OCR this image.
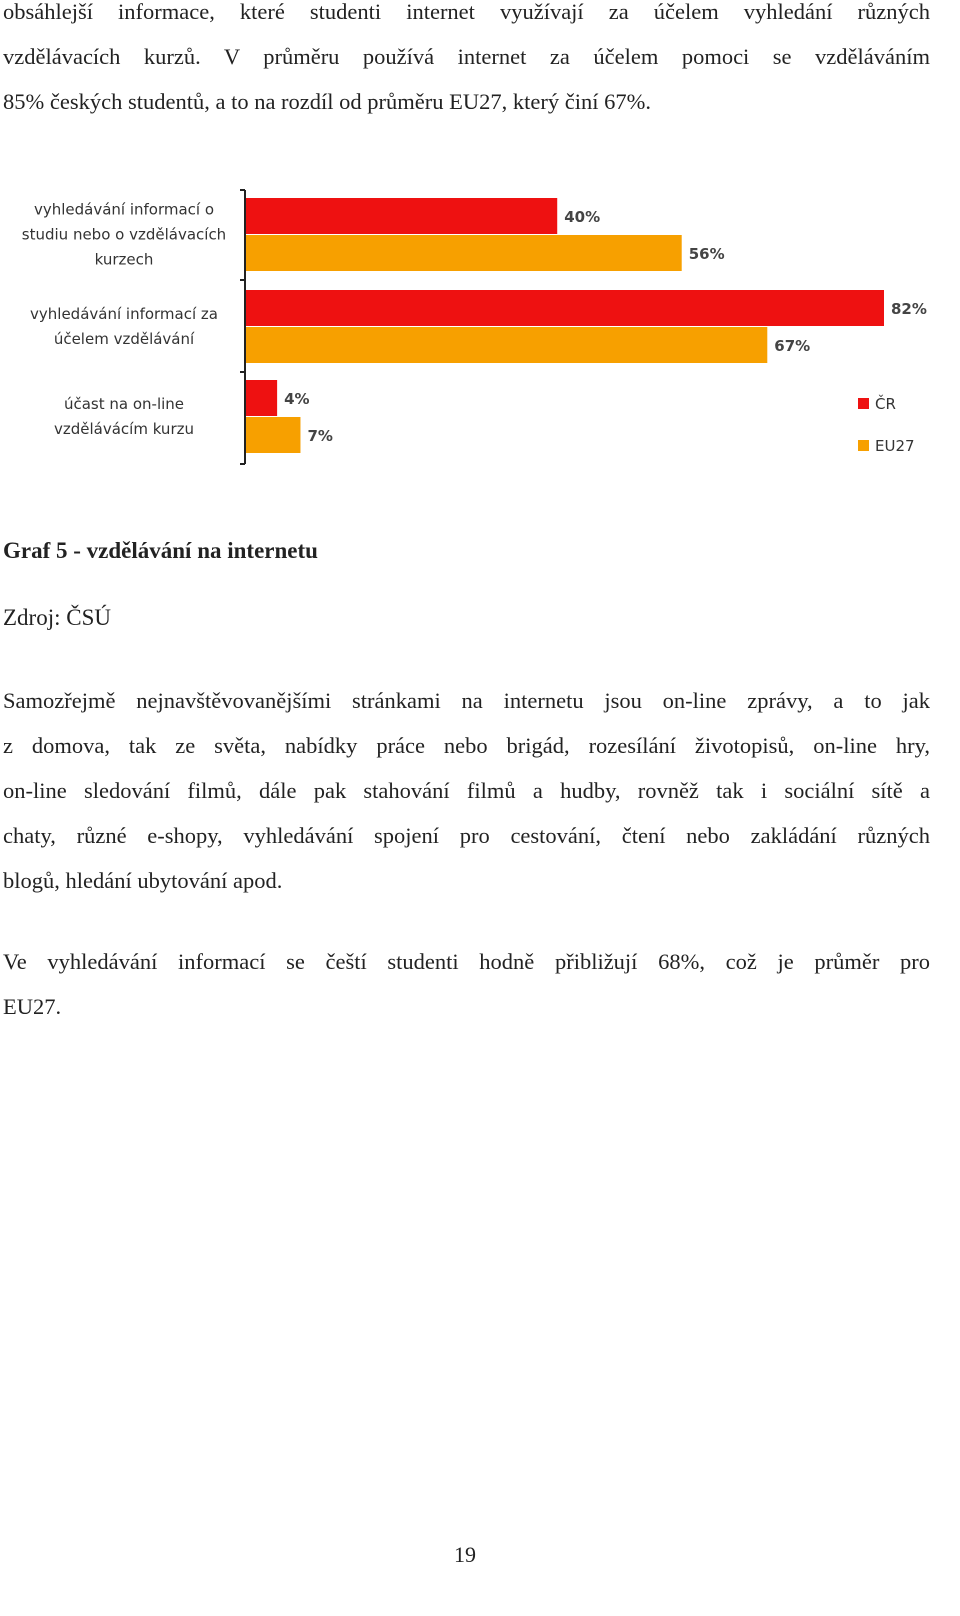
obsáhlejší informace, které studenti internet využívají za účelem vyhledání různých
vzdělávacích kurzů. V průměru používá internet za účelem pomoci se vzděláváním
85% českých studentů, a to na rozdíl od průměru EU27, který činí 67%.
vyhledávání informací o
studiu nebo o vzdělávacích
kurzech
vyhledávání informací za
účelem vzdělávání
účast na on-line
vzdělávácím kurzu
40%
56%
82%
67%
4%
7%
ČR
EU27
Graf 5 - vzdělávání na internetu
Zdroj: ČSÚ
Samozřejmě nejnavštěvovanějšími stránkami na internetu jsou on-line zprávy, a to jak
z domova, tak ze světa, nabídky práce nebo brigád, rozesílání životopisů, on-line hry,
on-line sledování filmů, dále pak stahování filmů a hudby, rovněž tak i sociální sítě a
chaty, různé e-shopy, vyhledávání spojení pro cestování, čtení nebo zakládání různých
blogů, hledání ubytování apod.
Ve vyhledávání informací se čeští studenti hodně přibližují 68%, což je průměr pro
EU27.
19
